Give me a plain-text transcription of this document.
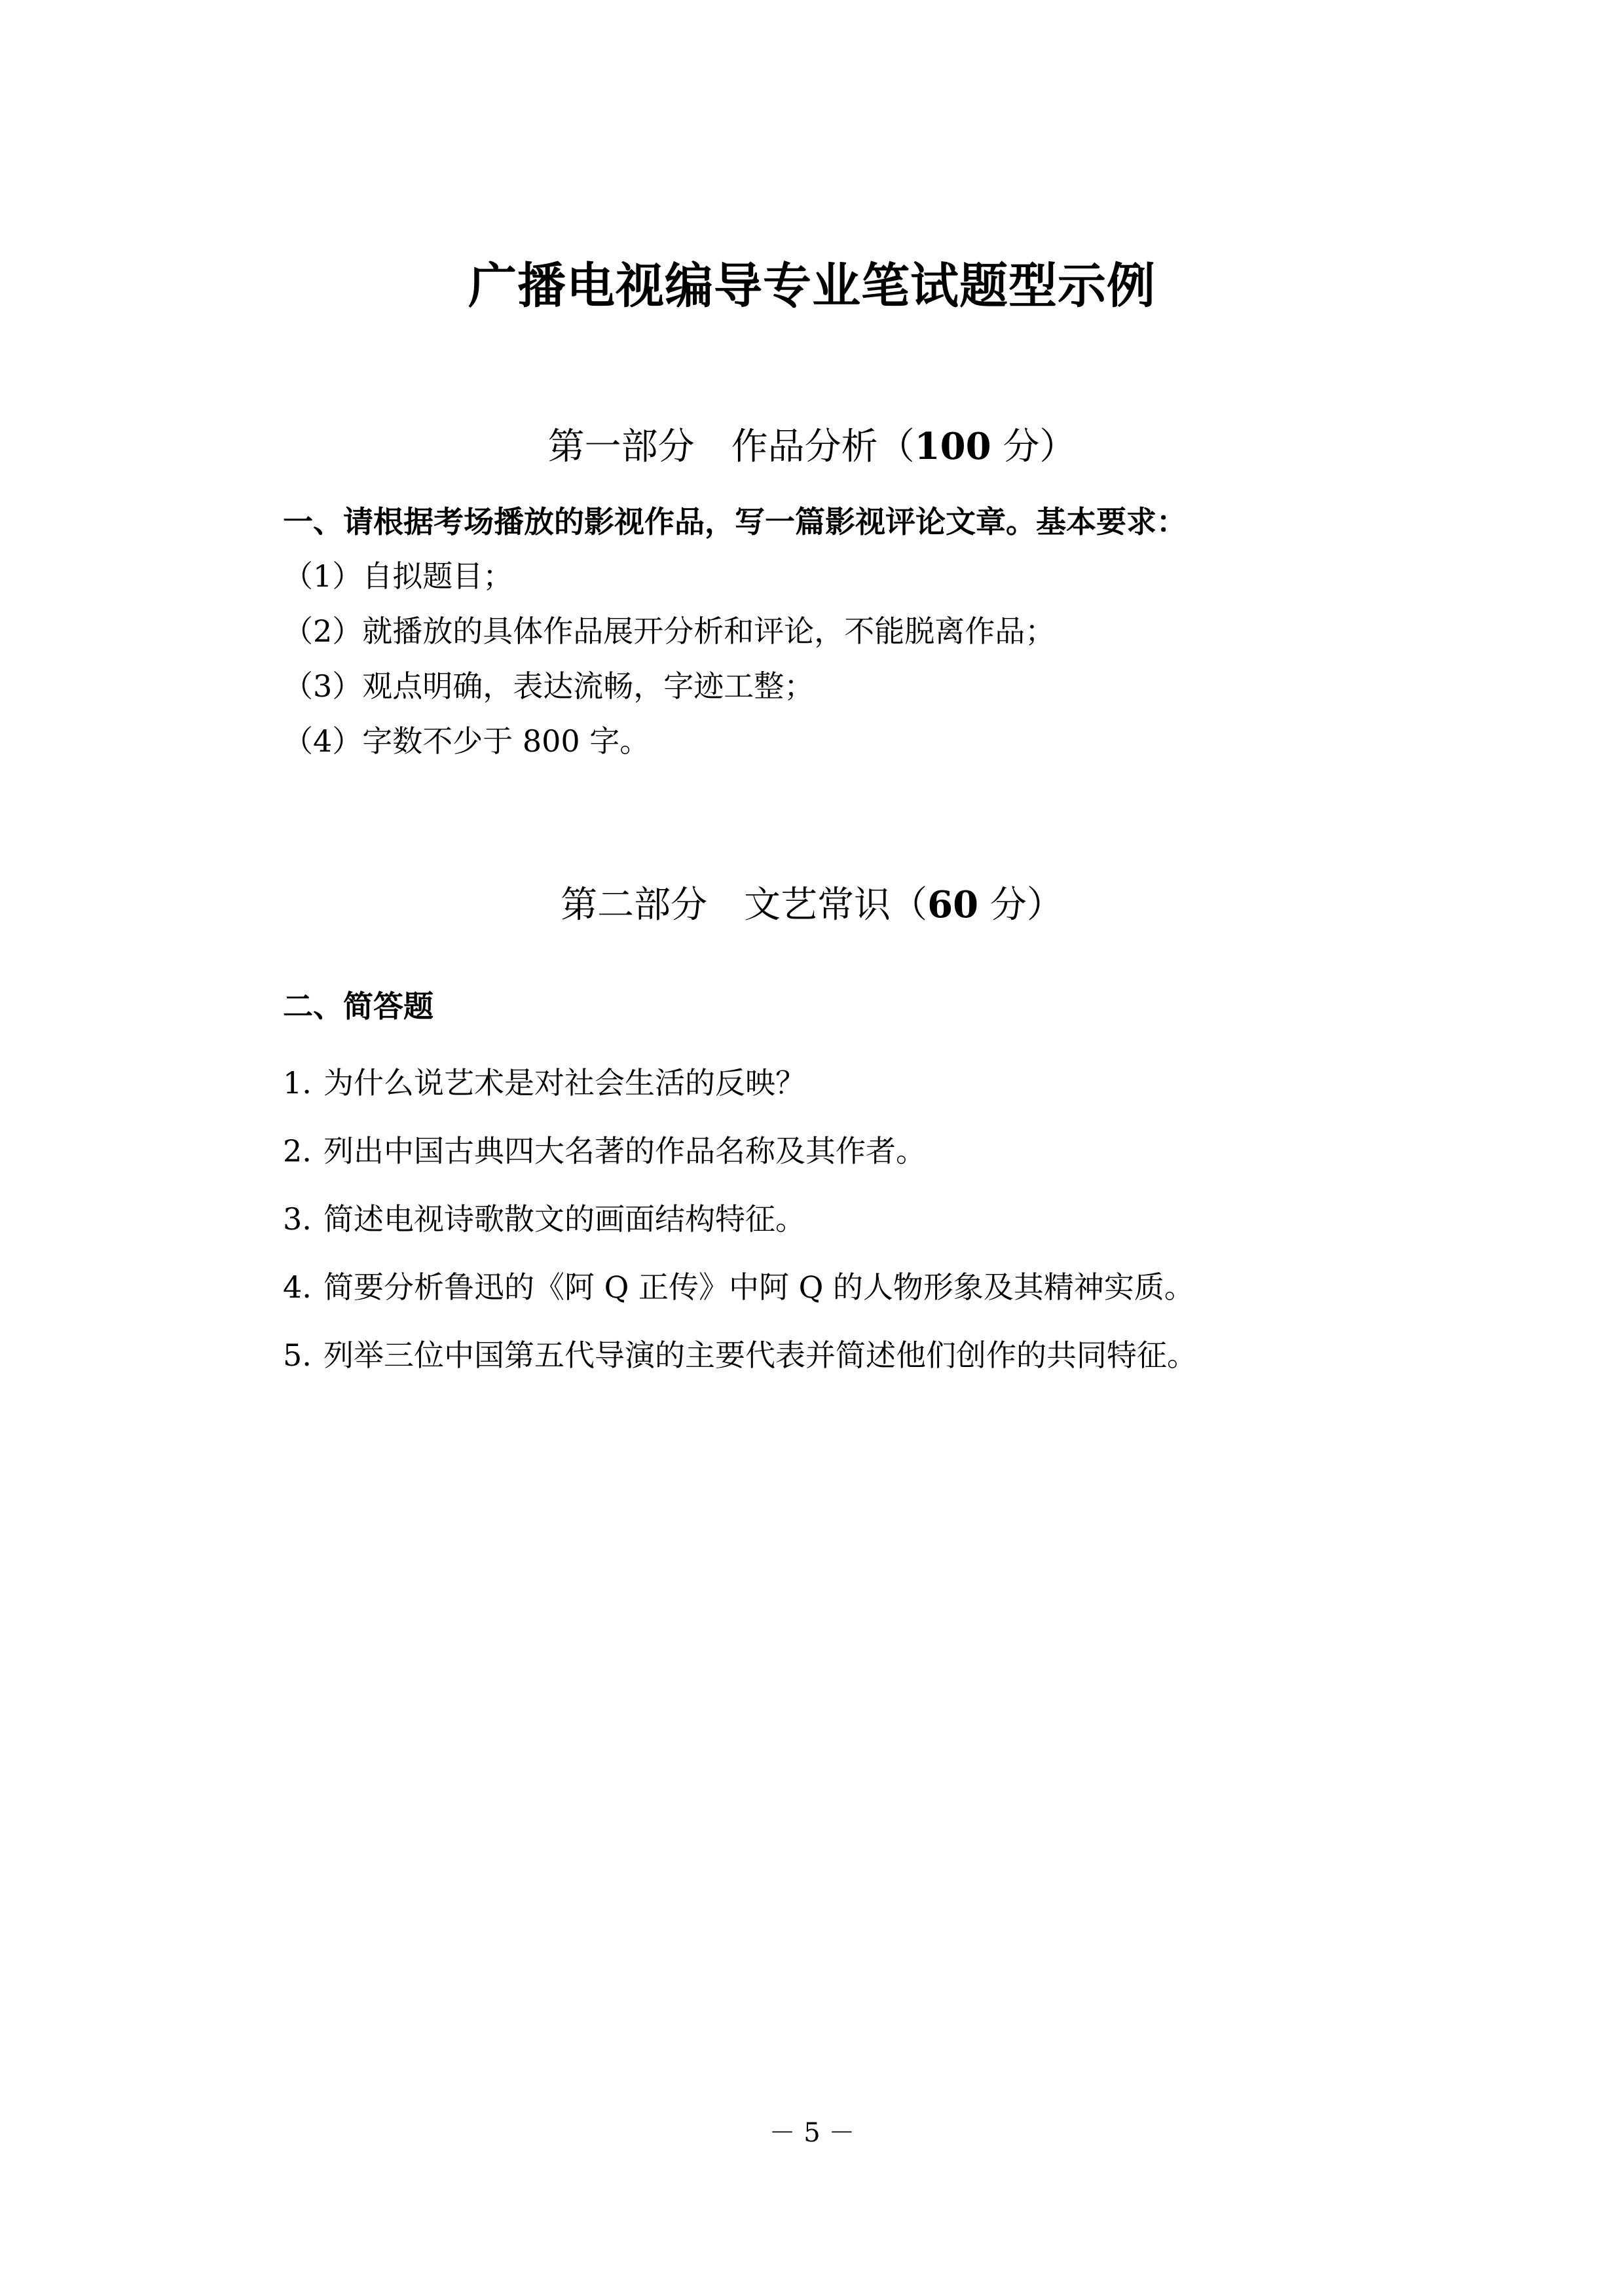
广播电视编导专业笔试题型示例
第一部分　作品分析（100 分）
一、请根据考场播放的影视作品，写一篇影视评论文章。基本要求：
（1）自拟题目；
（2）就播放的具体作品展开分析和评论，不能脱离作品；
（3）观点明确，表达流畅，字迹工整；
（4）字数不少于 800 字。
第二部分　文艺常识（60 分）
二、简答题
1. 为什么说艺术是对社会生活的反映？
2. 列出中国古典四大名著的作品名称及其作者。
3. 简述电视诗歌散文的画面结构特征。
4. 简要分析鲁迅的《阿 Q 正传》中阿 Q 的人物形象及其精神实质。
5. 列举三位中国第五代导演的主要代表并简述他们创作的共同特征。
－ 5 －
